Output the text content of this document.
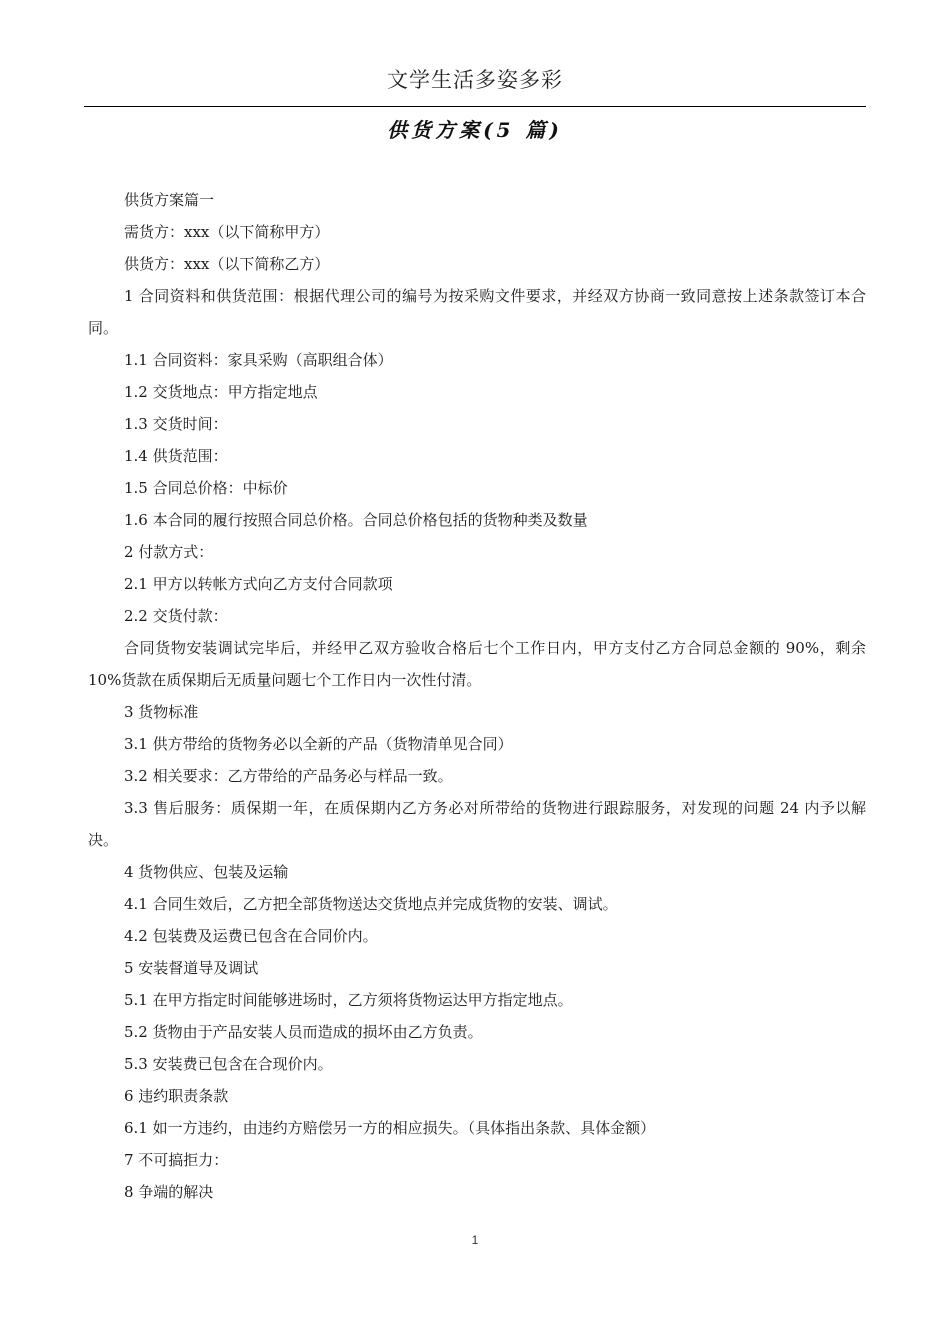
文学生活多姿多彩
供货方案(5 篇)

供货方案篇一

需货方：xxx（以下简称甲方）

供货方：xxx（以下简称乙方）

1 合同资料和供货范围：根据代理公司的编号为按采购文件要求，并经双方协商一致同意按上述条款签订本合同。

1.1 合同资料：家具采购（高职组合体）

1.2 交货地点：甲方指定地点

1.3 交货时间：

1.4 供货范围：

1.5 合同总价格：中标价

1.6 本合同的履行按照合同总价格。合同总价格包括的货物种类及数量

2 付款方式：

2.1 甲方以转帐方式向乙方支付合同款项

2.2 交货付款：

合同货物安装调试完毕后，并经甲乙双方验收合格后七个工作日内，甲方支付乙方合同总金额的 90%，剩余 10%货款在质保期后无质量问题七个工作日内一次性付清。

3 货物标准

3.1 供方带给的货物务必以全新的产品（货物清单见合同）

3.2 相关要求：乙方带给的产品务必与样品一致。

3.3 售后服务：质保期一年，在质保期内乙方务必对所带给的货物进行跟踪服务，对发现的问题 24 内予以解决。

4 货物供应、包装及运输

4.1 合同生效后，乙方把全部货物送达交货地点并完成货物的安装、调试。

4.2 包装费及运费已包含在合同价内。

5 安装督道导及调试

5.1 在甲方指定时间能够进场时，乙方须将货物运达甲方指定地点。

5.2 货物由于产品安装人员而造成的损坏由乙方负责。

5.3 安装费已包含在合现价内。

6 违约职责条款

6.1 如一方违约，由违约方赔偿另一方的相应损失。（具体指出条款、具体金额）

7 不可搞拒力：

8 争端的解决

1
